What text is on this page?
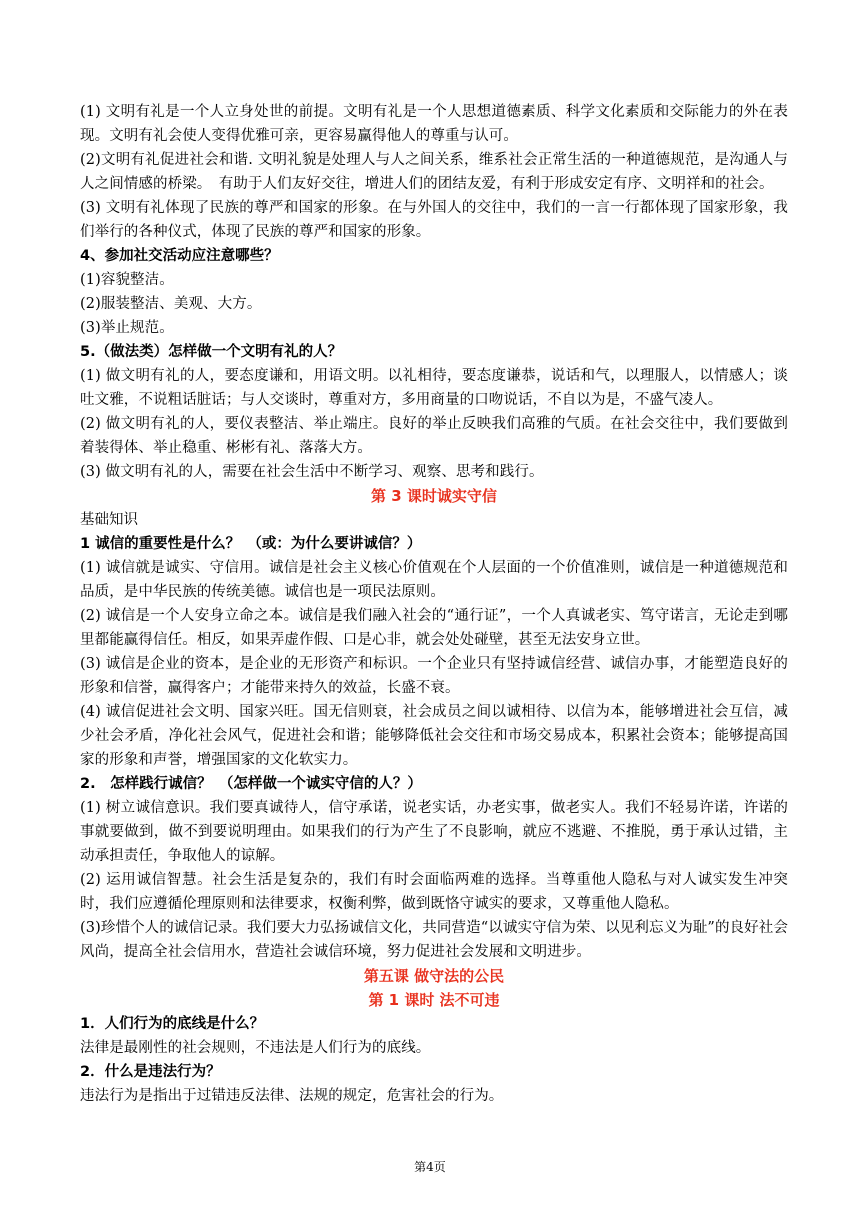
(1) 文明有礼是一个人立身处世的前提。文明有礼是一个人思想道德素质、科学文化素质和交际能力的外在表现。文明有礼会使人变得优雅可亲，更容易赢得他人的尊重与认可。

(2)文明有礼促进社会和谐. 文明礼貌是处理人与人之间关系，维系社会正常生活的一种道德规范，是沟通人与人之间情感的桥梁。　有助于人们友好交往，增进人们的团结友爱，有利于形成安定有序、文明祥和的社会。

(3) 文明有礼体现了民族的尊严和国家的形象。在与外国人的交往中，我们的一言一行都体现了国家形象，我们举行的各种仪式，体现了民族的尊严和国家的形象。

4、参加社交活动应注意哪些？

(1)容貌整洁。

(2)服装整洁、美观、大方。

(3)举止规范。

5.（做法类）怎样做一个文明有礼的人？

(1) 做文明有礼的人，要态度谦和，用语文明。以礼相待，要态度谦恭，说话和气，以理服人，以情感人；谈吐文雅，不说粗话脏话；与人交谈时，尊重对方，多用商量的口吻说话，不自以为是，不盛气凌人。

(2) 做文明有礼的人，要仪表整洁、举止端庄。良好的举止反映我们高雅的气质。在社会交往中，我们要做到着装得体、举止稳重、彬彬有礼、落落大方。

(3) 做文明有礼的人，需要在社会生活中不断学习、观察、思考和践行。

第 3 课时诚实守信

基础知识

1 诚信的重要性是什么？　（或：为什么要讲诚信？）

(1) 诚信就是诚实、守信用。诚信是社会主义核心价值观在个人层面的一个价值准则，诚信是一种道德规范和品质，是中华民族的传统美德。诚信也是一项民法原则。

(2) 诚信是一个人安身立命之本。诚信是我们融入社会的“通行证”，一个人真诚老实、笃守诺言，无论走到哪里都能赢得信任。相反，如果弄虚作假、口是心非，就会处处碰壁，甚至无法安身立世。

(3) 诚信是企业的资本，是企业的无形资产和标识。一个企业只有坚持诚信经营、诚信办事，才能塑造良好的形象和信誉，赢得客户；才能带来持久的效益，长盛不衰。

(4) 诚信促进社会文明、国家兴旺。国无信则衰，社会成员之间以诚相待、以信为本，能够增进社会互信，减少社会矛盾，净化社会风气，促进社会和谐；能够降低社会交往和市场交易成本，积累社会资本；能够提高国家的形象和声誉，增强国家的文化软实力。

2.　怎样践行诚信？　（怎样做一个诚实守信的人？）

(1) 树立诚信意识。我们要真诚待人，信守承诺，说老实话，办老实事，做老实人。我们不轻易许诺，许诺的事就要做到，做不到要说明理由。如果我们的行为产生了不良影响，就应不逃避、不推脱，勇于承认过错，主动承担责任，争取他人的谅解。

(2) 运用诚信智慧。社会生活是复杂的，我们有时会面临两难的选择。当尊重他人隐私与对人诚实发生冲突时，我们应遵循伦理原则和法律要求，权衡利弊，做到既恪守诚实的要求，又尊重他人隐私。

(3)珍惜个人的诚信记录。我们要大力弘扬诚信文化，共同营造“以诚实守信为荣、以见利忘义为耻”的良好社会风尚，提高全社会信用水，营造社会诚信环境，努力促进社会发展和文明进步。

第五课 做守法的公民

第 1 课时 法不可违

1．人们行为的底线是什么？

法律是最刚性的社会规则，不违法是人们行为的底线。

2．什么是违法行为？

违法行为是指出于过错违反法律、法规的规定，危害社会的行为。

第4页
